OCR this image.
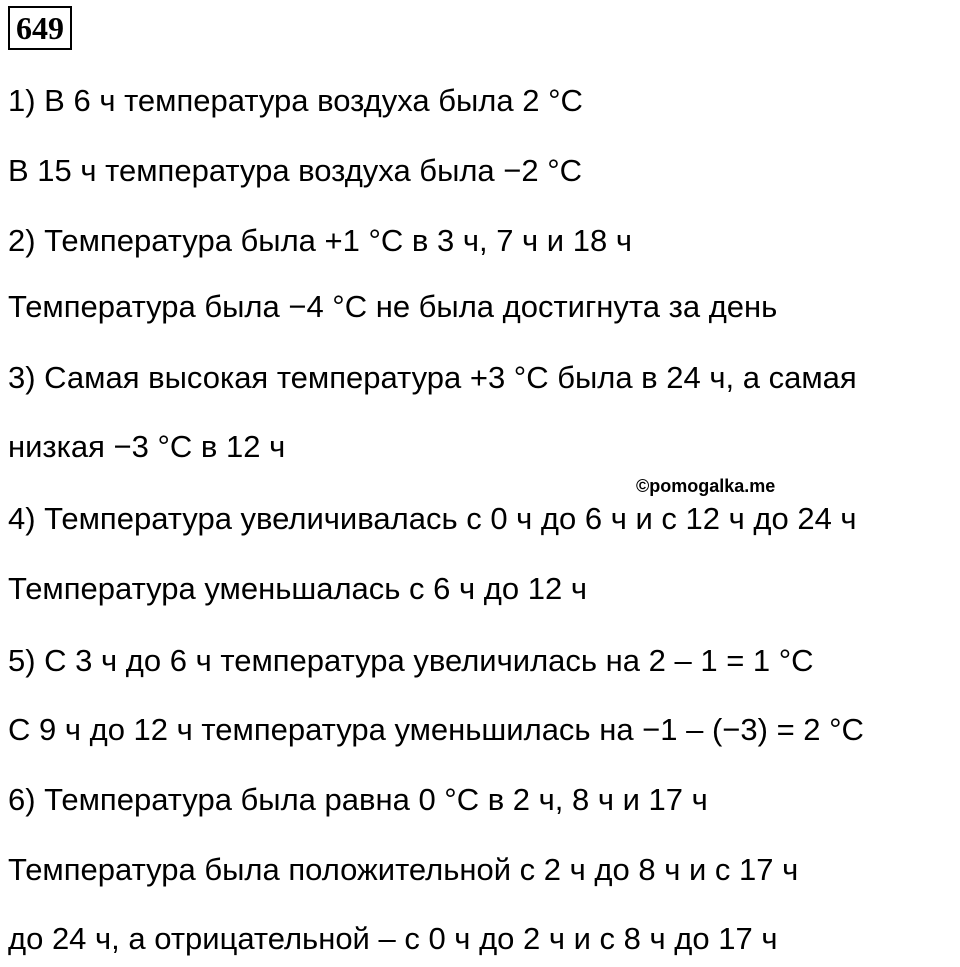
649
1) В 6 ч температура воздуха была 2 °С
В 15 ч температура воздуха была −2 °С
2) Температура была +1 °С в 3 ч, 7 ч и 18 ч
Температура была −4 °С не была достигнута за день
3) Самая высокая температура +3 °С была в 24 ч, а самая
низкая −3 °С в 12 ч
©pomogalka.me
4) Температура увеличивалась с 0 ч до 6 ч и с 12 ч до 24 ч
Температура уменьшалась с 6 ч до 12 ч
5) С 3 ч до 6 ч температура увеличилась на 2 – 1 = 1 °С
С 9 ч до 12 ч температура уменьшилась на −1 – (−3) = 2 °С
6) Температура была равна 0 °С в 2 ч, 8 ч и 17 ч
Температура была положительной с 2 ч до 8 ч и с 17 ч
до 24 ч, а отрицательной – с 0 ч до 2 ч и с 8 ч до 17 ч
